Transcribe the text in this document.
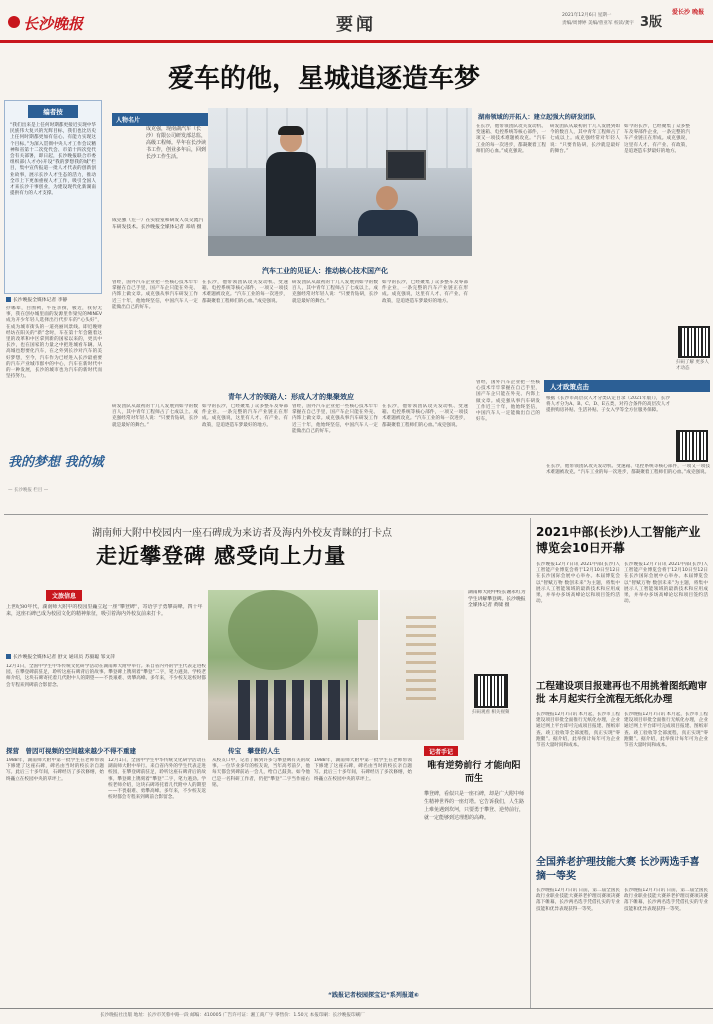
长沙晚报	要闻	2021年12月6日 星期一
责编/周博婷 美编/曾亚军 校读/龚宇 3版
爱长沙 晚报
爱车的他，星城追逐造车梦
编者按
“我们出来是上任何时期都更接近实现中华民族伟大复兴的光辉目标，我们也比历史上任何时期都更加有信心、有能力实现这个目标。”为深入贯彻中央人才工作会议精神和省第十二次党代会、市第十四次党代会有关部署，即日起，长沙晚报联合市委组织部(人才办)开设“我的梦想我的城”栏目，集中宣传报道一批人才代表的创新创业故事，展示长沙人才生态的活力，推动全市上下更加重视人才工作，吸引全国人才来长沙干事创业，为建设现代化新湖南提供有力的人才支撑。
长沙晚报全媒体记者 李静
抒哪辈，白围祠，牛连亲撰，极近，我份无事，我在创办城里面的发源里作梁见的MINEV成为开少年轻人选择出行代步车的“心头好”，在成为城市街头的一道亮丽风景线。即近晚财经坊在阳关的“新”念时，车在第十年会随着这里的改革和中区拿到新的国家以来的，更具中长沙，也在国家的力量之中把进城看车辆。从高城也想要化汽车，在之外到长沙对汽车的美好梦想，至今，汽车作为已经进入长沙最重要的汽车产业城市群中的中心，汽车在新时代中的一种发展，长沙的城市也为汽车的新时代而坚持努力。
我的梦想 我的城
— 长沙晚报 栏目 —
人物名片
成克强，现南湖汽车（长沙）有限公司研发部总监，高级工程师。早年在长沙读书工作，创业多年后，回到长沙工作生活。
成克强（左一）在实验室和研发人员交流汽车研发技术。长沙晚报全媒体记者 邓靖 摄
汽车工业的见证人：推动核心技术国产化
曾经，国外汽车企业把一些核心技术牢牢掌握在自己手里，国产车企只能在外壳、内饰上做文章。成克强从事汽车研发工作近三十年，他始终坚信，中国汽车人一定能做出自己的好车。
在长沙，他带领团队攻关发动机、变速箱、电控系统等核心部件，一项又一项技术难题被攻克。“汽车工业的每一次进步，都凝聚着工程师们的心血。”成克强说。
研发团队从最初的十几人发展到如今的数百人，其中青年工程师占了七成以上。成克强经常对年轻人说：“只要肯钻研，长沙就是最好的舞台。”
如今的长沙，已经聚集了众多整车及零部件企业，一条完整的汽车产业链正在形成。成克强说，这里有人才、有产业、有政策，是追逐造车梦最好的地方。
青年人才的领路人：形成人才的集聚效应
研发团队从最初的十几人发展到如今的数百人，其中青年工程师占了七成以上。成克强经常对年轻人说：“只要肯钻研，长沙就是最好的舞台。”
如今的长沙，已经聚集了众多整车及零部件企业，一条完整的汽车产业链正在形成。成克强说，这里有人才、有产业、有政策，是追逐造车梦最好的地方。
曾经，国外汽车企业把一些核心技术牢牢掌握在自己手里，国产车企只能在外壳、内饰上做文章。成克强从事汽车研发工作近三十年，他始终坚信，中国汽车人一定能做出自己的好车。
在长沙，他带领团队攻关发动机、变速箱、电控系统等核心部件，一项又一项技术难题被攻克。“汽车工业的每一次进步，都凝聚着工程师们的心血。”成克强说。
湖南领域的开拓人：建立起强大的研发团队
在长沙，他带领团队攻关发动机、变速箱、电控系统等核心部件，一项又一项技术难题被攻克。“汽车工业的每一次进步，都凝聚着工程师们的心血。”成克强说。
研发团队从最初的十几人发展到如今的数百人，其中青年工程师占了七成以上。成克强经常对年轻人说：“只要肯钻研，长沙就是最好的舞台。”
如今的长沙，已经聚集了众多整车及零部件企业，一条完整的汽车产业链正在形成。成克强说，这里有人才、有产业、有政策，是追逐造车梦最好的地方。
扫码了解 更多人才动态
人才政策点击
根据《长沙市高层次人才分类认定目录（2021年版）》，长沙将人才分为A、B、C、D、E五类，对符合条件的高层次人才提供购房补贴、生活补贴、子女入学等全方位服务保障。
曾经，国外汽车企业把一些核心技术牢牢掌握在自己手里，国产车企只能在外壳、内饰上做文章。成克强从事汽车研发工作近三十年，他始终坚信，中国汽车人一定能做出自己的好车。
在长沙，他带领团队攻关发动机、变速箱、电控系统等核心部件，一项又一项技术难题被攻克。“汽车工业的每一次进步，都凝聚着工程师们的心血。”成克强说。
湖南师大附中校园内一座石碑成为来访者及海内外校友青睐的打卡点
走近攀登碑 感受向上力量
文旅信息
上世纪80年代，湖南师大附中的校园里矗立起一座“攀登碑”，寄语学子勇攀高峰。四十年来，这座石碑已成为校园文化的精神象征，吸引着海内外校友前来打卡。
长沙晚报全媒体记者 舒文 通讯员 苏毅聪 邹文萍
12月1日，全国中学生中华传统文化研学活动在湖南师大附中举行。来自省内外的学生代表走进校园，在攀登碑前驻足，聆听这座石碑背后的故事。攀登碑上镌刻着“攀登”二字，笔力遒劲。学校老师介绍，这块石碑寄托着几代附中人的期望——不畏艰难、勇攀高峰。多年来，不少校友返校时都会专程来到碑前合影留念。
湖南师大附中校长谢永红为学生讲解攀登碑。长沙晚报全媒体记者 黄啸 摄
扫码观看 相关视频
探营　曾因可视频的空间越来越少不得不重建
1988年，湖南师大附中第一批学生在老师带领下修建了这座石碑，碑名由当时的校长亲自题写。此后三十多年间，石碑经历了多次修缮，始终矗立在校园中央的草坪上。
12月1日，全国中学生中华传统文化研学活动在湖南师大附中举行。来自省内外的学生代表走进校园，在攀登碑前驻足，聆听这座石碑背后的故事。攀登碑上镌刻着“攀登”二字，笔力遒劲。学校老师介绍，这块石碑寄托着几代附中人的期望——不畏艰难、勇攀高峰。多年来，不少校友返校时都会专程来到碑前合影留念。
传宝　攀登的人生
从校友口中，记者了解到许多与攀登碑有关的故事。一位毕业多年的校友说，当年高考前夕，他每天都会到碑前站一会儿，给自己鼓劲。如今他已是一名科研工作者，仍把“攀登”二字当作座右铭。
1988年，湖南师大附中第一批学生在老师带领下修建了这座石碑，碑名由当时的校长亲自题写。此后三十多年间，石碑经历了多次修缮，始终矗立在校园中央的草坪上。
记者手记
唯有逆势前行 才能向阳而生
攀登碑，看似只是一座石碑，却是广大附中师生精神世界的一座灯塔。它告诉我们，人生路上难免遇到坎坷，只要勇于攀登、逆势前行，就一定能够到达理想的高峰。
“践报记者校园探宝记”系列报道⑥
2021中部(长沙)人工智能产业博览会10日开幕
长沙晚报12月7日讯 2021中部(长沙)人工智能产业博览会将于12月10日至12日在长沙国际会展中心举办。本届博览会以“智赋万物 数创未来”为主题，将集中展示人工智能领域的最新技术和应用成果，并举办多场高峰论坛和项目签约活动。
长沙晚报12月7日讯 2021中部(长沙)人工智能产业博览会将于12月10日至12日在长沙国际会展中心举办。本届博览会以“智赋万物 数创未来”为主题，将集中展示人工智能领域的最新技术和应用成果，并举办多场高峰论坛和项目签约活动。
工程建设项目报建再也不用挑着图纸跑审批 本月起实行全流程无纸化办理
长沙晚报12月7日讯 本月起，长沙市工程建设项目审批全面推行无纸化办理，企业通过网上平台即可完成项目报建、图纸审查、竣工验收等全部流程，真正实现“零跑腿”。据介绍，此举预计每年可为企业节省大量时间和成本。
长沙晚报12月7日讯 本月起，长沙市工程建设项目审批全面推行无纸化办理，企业通过网上平台即可完成项目报建、图纸审查、竣工验收等全部流程，真正实现“零跑腿”。据介绍，此举预计每年可为企业节省大量时间和成本。
全国养老护理技能大赛 长沙两选手喜摘一等奖
长沙晚报12月7日讯 日前，第二届全国民政行业职业技能大赛养老护理员赛项决赛落下帷幕，长沙两名选手凭借扎实的专业技能和优异表现获得一等奖。
长沙晚报12月7日讯 日前，第二届全国民政行业职业技能大赛养老护理员赛项决赛落下帷幕，长沙两名选手凭借扎实的专业技能和优异表现获得一等奖。
长沙晚报社出版 地址：长沙市芙蓉中路一段 邮编：410005 广告许可证：湘工商广字 零售价：1.50元 本报印刷：长沙晚报印刷厂
